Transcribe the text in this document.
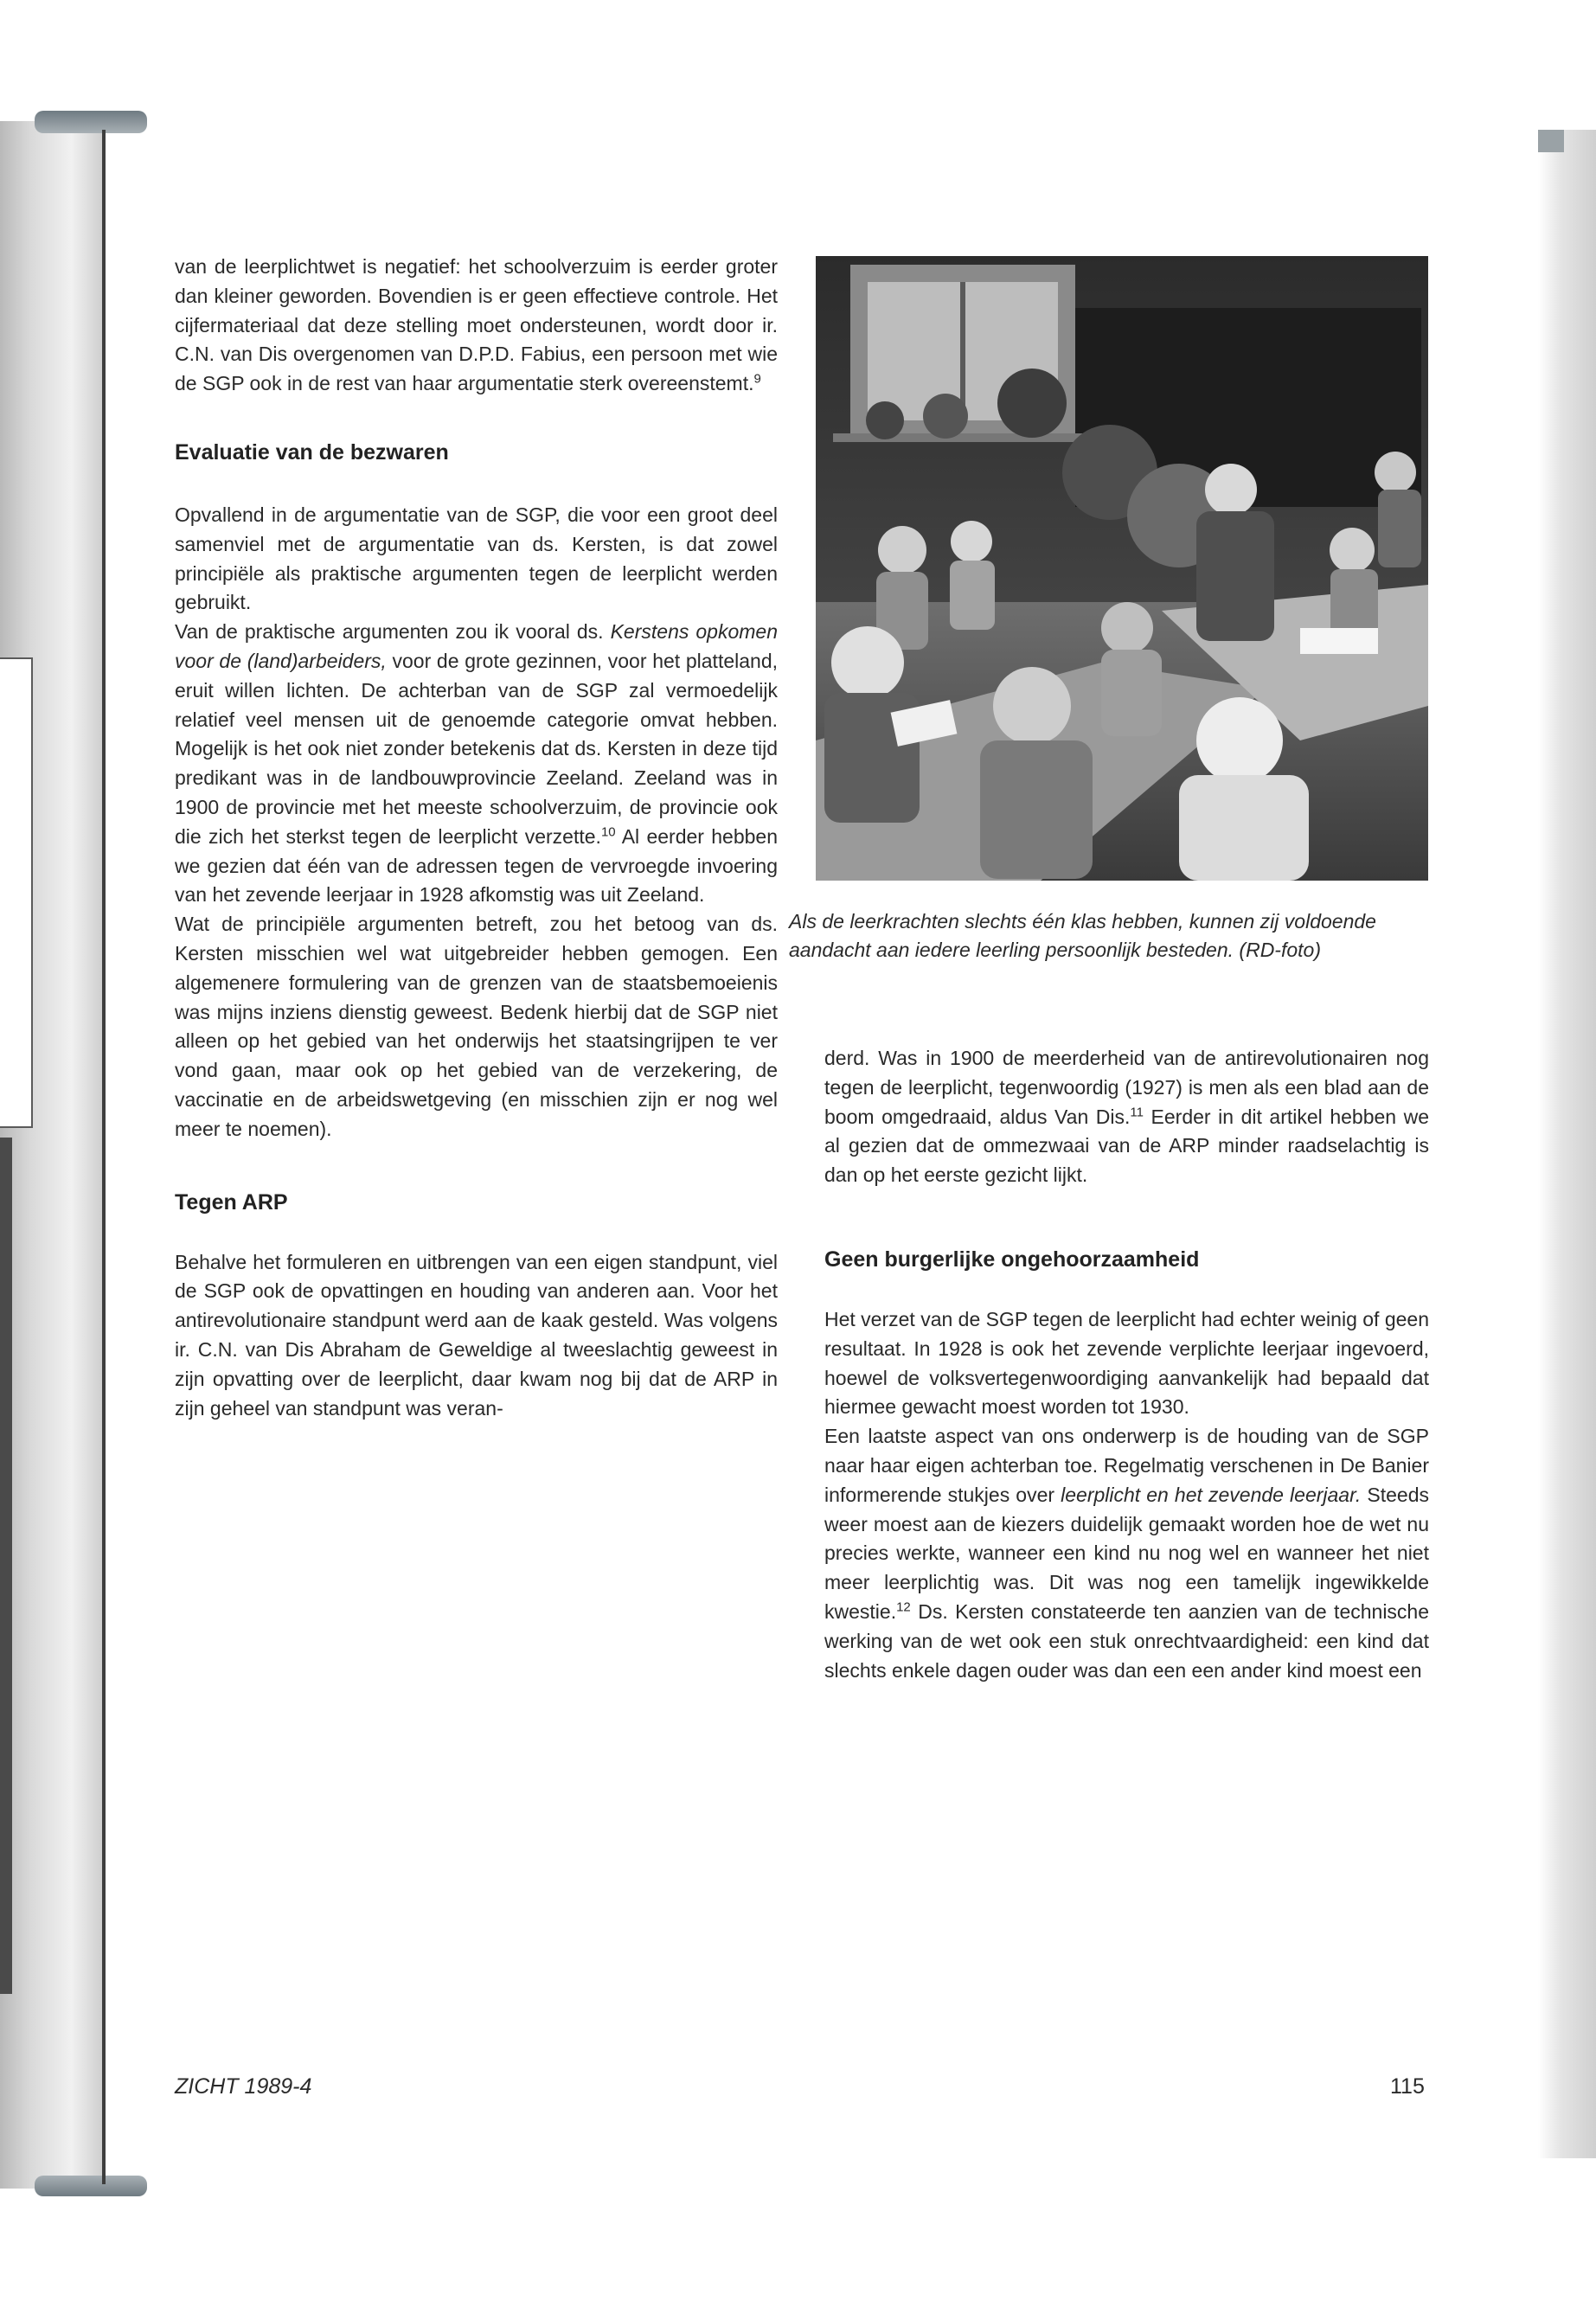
van de leerplichtwet is negatief: het schoolverzuim is eerder groter dan kleiner geworden. Bovendien is er geen effectieve controle. Het cijfermateriaal dat deze stelling moet ondersteunen, wordt door ir. C.N. van Dis overgenomen van D.P.D. Fabius, een persoon met wie de SGP ook in de rest van haar argumentatie sterk overeenstemt.$^9$

Evaluatie van de bezwaren

Opvallend in de argumentatie van de SGP, die voor een groot deel samenviel met de argumentatie van ds. Kersten, is dat zowel principiële als praktische argumenten tegen de leerplicht werden gebruikt.

Van de praktische argumenten zou ik vooral ds. Kerstens opkomen voor de (land)arbeiders, voor de grote gezinnen, voor het platteland, eruit willen lichten. De achterban van de SGP zal vermoedelijk relatief veel mensen uit de genoemde categorie omvat hebben. Mogelijk is het ook niet zonder betekenis dat ds. Kersten in deze tijd predikant was in de landbouwprovincie Zeeland. Zeeland was in 1900 de provincie met het meeste schoolverzuim, de provincie ook die zich het sterkst tegen de leerplicht verzette.$^{10}$ Al eerder hebben we gezien dat één van de adressen tegen de vervroegde invoering van het zevende leerjaar in 1928 afkomstig was uit Zeeland.

Wat de principiële argumenten betreft, zou het betoog van ds. Kersten misschien wel wat uitgebreider hebben gemogen. Een algemenere formulering van de grenzen van de staatsbemoeienis was mijns inziens dienstig geweest. Bedenk hierbij dat de SGP niet alleen op het gebied van het onderwijs het staatsingrijpen te ver vond gaan, maar ook op het gebied van de verzekering, de vaccinatie en de arbeidswetgeving (en misschien zijn er nog wel meer te noemen).

Tegen ARP

Behalve het formuleren en uitbrengen van een eigen standpunt, viel de SGP ook de opvattingen en houding van anderen aan. Voor het antirevolutionaire standpunt werd aan de kaak gesteld. Was volgens ir. C.N. van Dis Abraham de Geweldige al tweeslachtig geweest in zijn opvatting over de leerplicht, daar kwam nog bij dat de ARP in zijn geheel van standpunt was veran-

Als de leerkrachten slechts één klas hebben, kunnen zij voldoende aandacht aan iedere leerling persoonlijk besteden. (RD-foto)

derd. Was in 1900 de meerderheid van de antirevolutionairen nog tegen de leerplicht, tegenwoordig (1927) is men als een blad aan de boom omgedraaid, aldus Van Dis.$^{11}$ Eerder in dit artikel hebben we al gezien dat de ommezwaai van de ARP minder raadselachtig is dan op het eerste gezicht lijkt.

Geen burgerlijke ongehoorzaamheid

Het verzet van de SGP tegen de leerplicht had echter weinig of geen resultaat. In 1928 is ook het zevende verplichte leerjaar ingevoerd, hoewel de volksvertegenwoordiging aanvankelijk had bepaald dat hiermee gewacht moest worden tot 1930.

Een laatste aspect van ons onderwerp is de houding van de SGP naar haar eigen achterban toe. Regelmatig verschenen in De Banier informerende stukjes over leerplicht en het zevende leerjaar. Steeds weer moest aan de kiezers duidelijk gemaakt worden hoe de wet nu precies werkte, wanneer een kind nu nog wel en wanneer het niet meer leerplichtig was. Dit was nog een tamelijk ingewikkelde kwestie.$^{12}$ Ds. Kersten constateerde ten aanzien van de technische werking van de wet ook een stuk onrechtvaardigheid: een kind dat slechts enkele dagen ouder was dan een een ander kind moest een

ZICHT 1989-4	115
